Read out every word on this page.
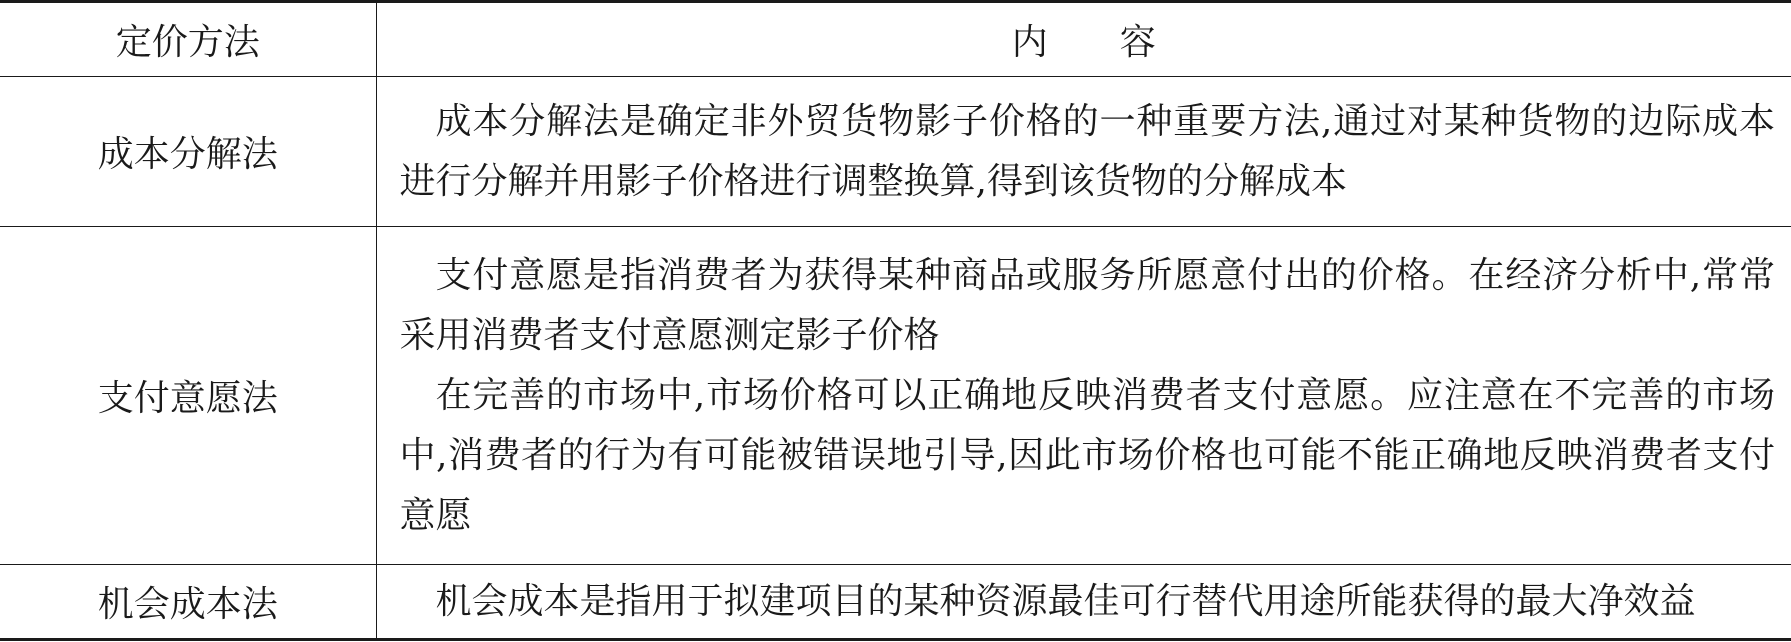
定价方法	内　　容
成本分解法	成本分解法是确定非外贸货物影子价格的一种重要方法,通过对某种货物的边际成本进行分解并用影子价格进行调整换算,得到该货物的分解成本

支付意愿法	支付意愿是指消费者为获得某种商品或服务所愿意付出的价格。在经济分析中,常常采用消费者支付意愿测定影子价格

在完善的市场中,市场价格可以正确地反映消费者支付意愿。应注意在不完善的市场中,消费者的行为有可能被错误地引导,因此市场价格也可能不能正确地反映消费者支付意愿

机会成本法	机会成本是指用于拟建项目的某种资源最佳可行替代用途所能获得的最大净效益
